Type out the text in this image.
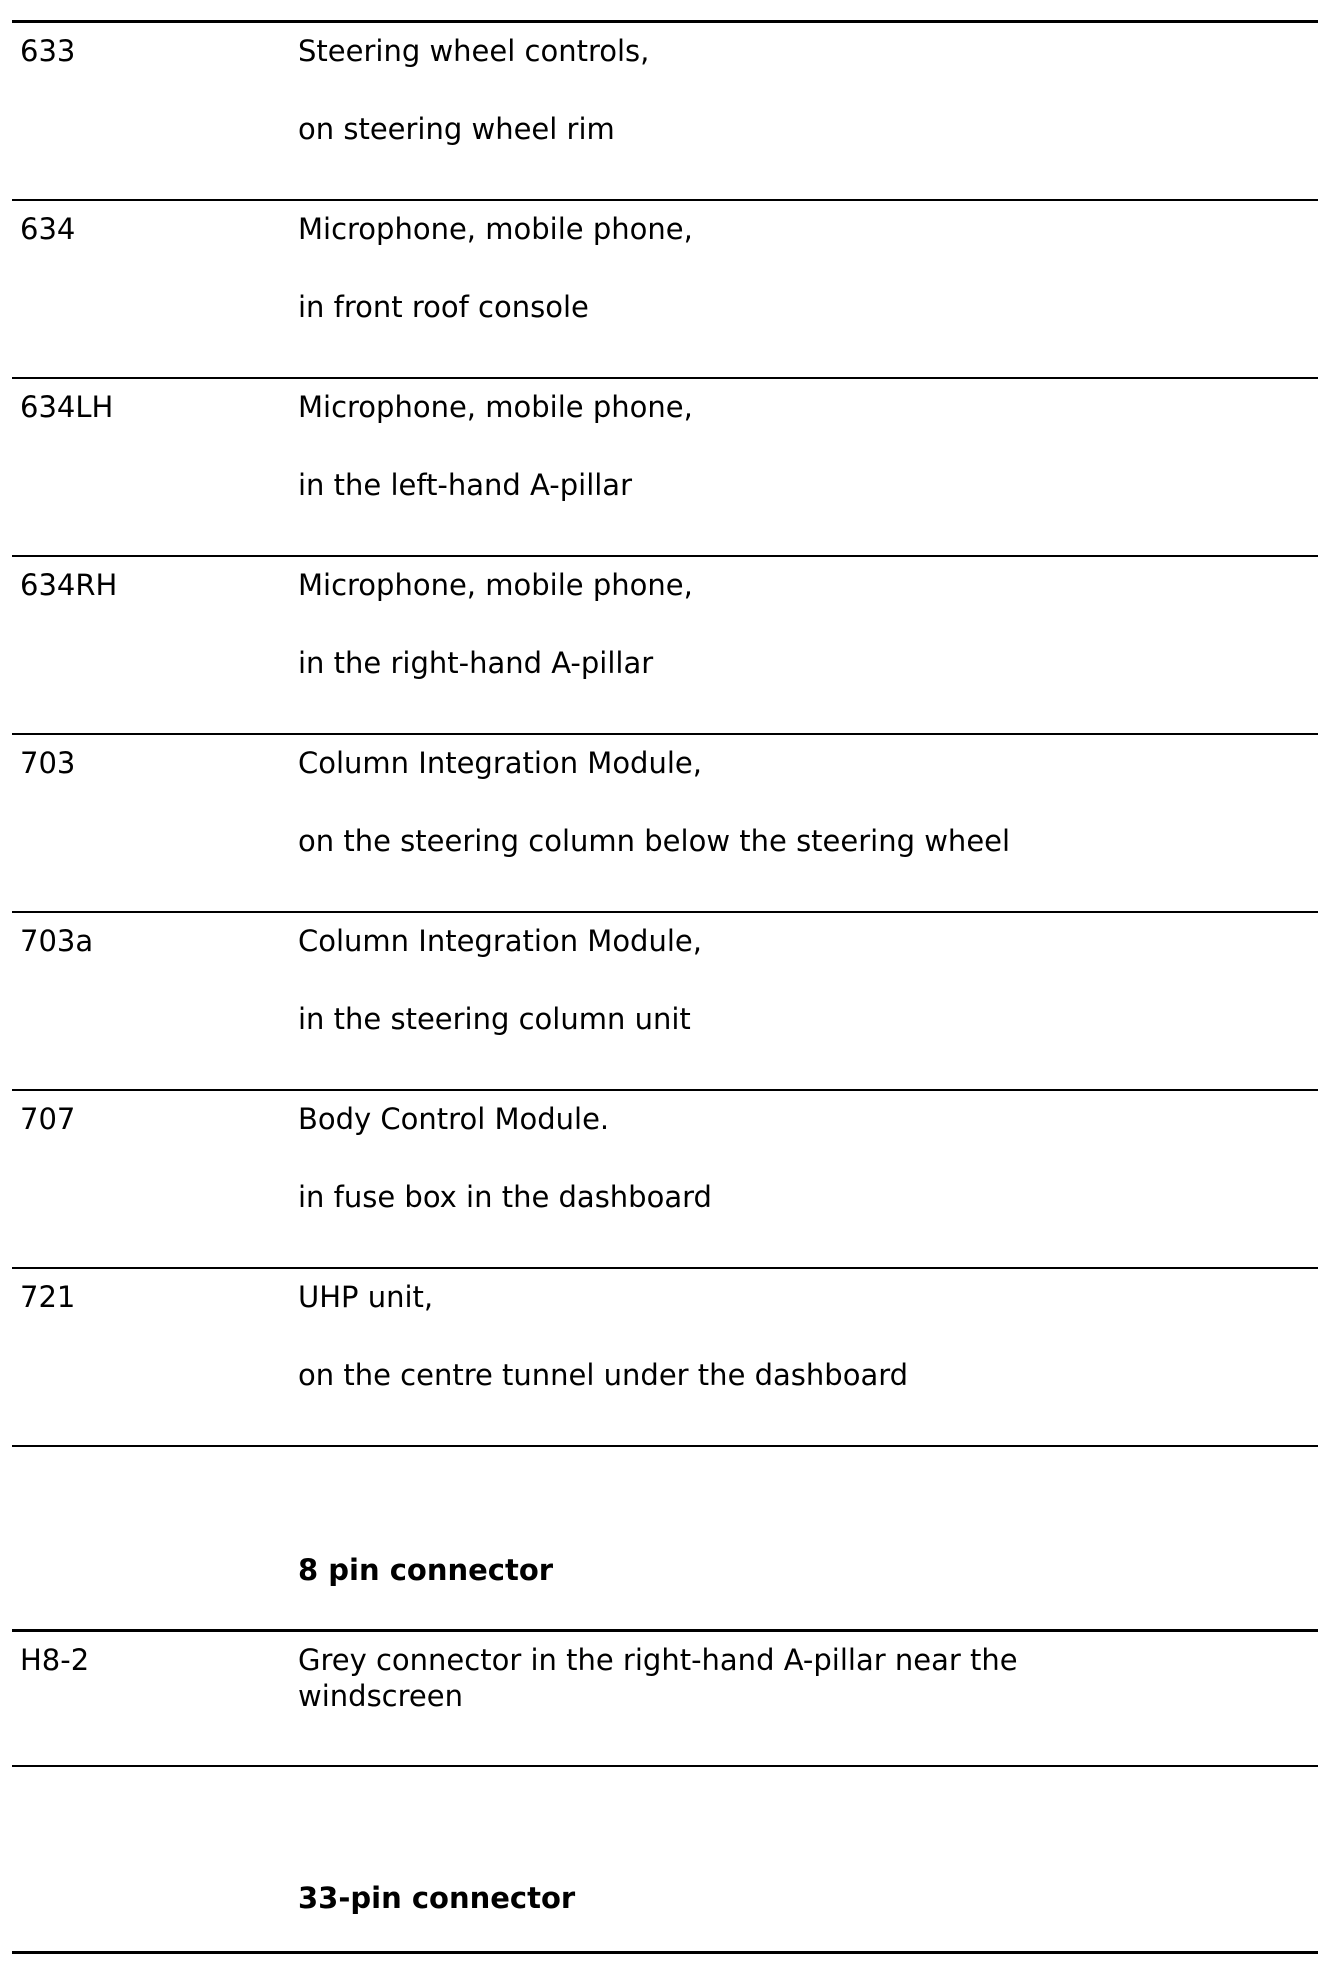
633	Steering wheel controls,
on steering wheel rim
634	Microphone, mobile phone,
in front roof console
634LH	Microphone, mobile phone,
in the left-hand A-pillar
634RH	Microphone, mobile phone,
in the right-hand A-pillar
703	Column Integration Module,
on the steering column below the steering wheel
703a	Column Integration Module,
in the steering column unit
707	Body Control Module.
in fuse box in the dashboard
721	UHP unit,
on the centre tunnel under the dashboard
8 pin connector
H8-2	Grey connector in the right-hand A-pillar near the
windscreen
33-pin connector
